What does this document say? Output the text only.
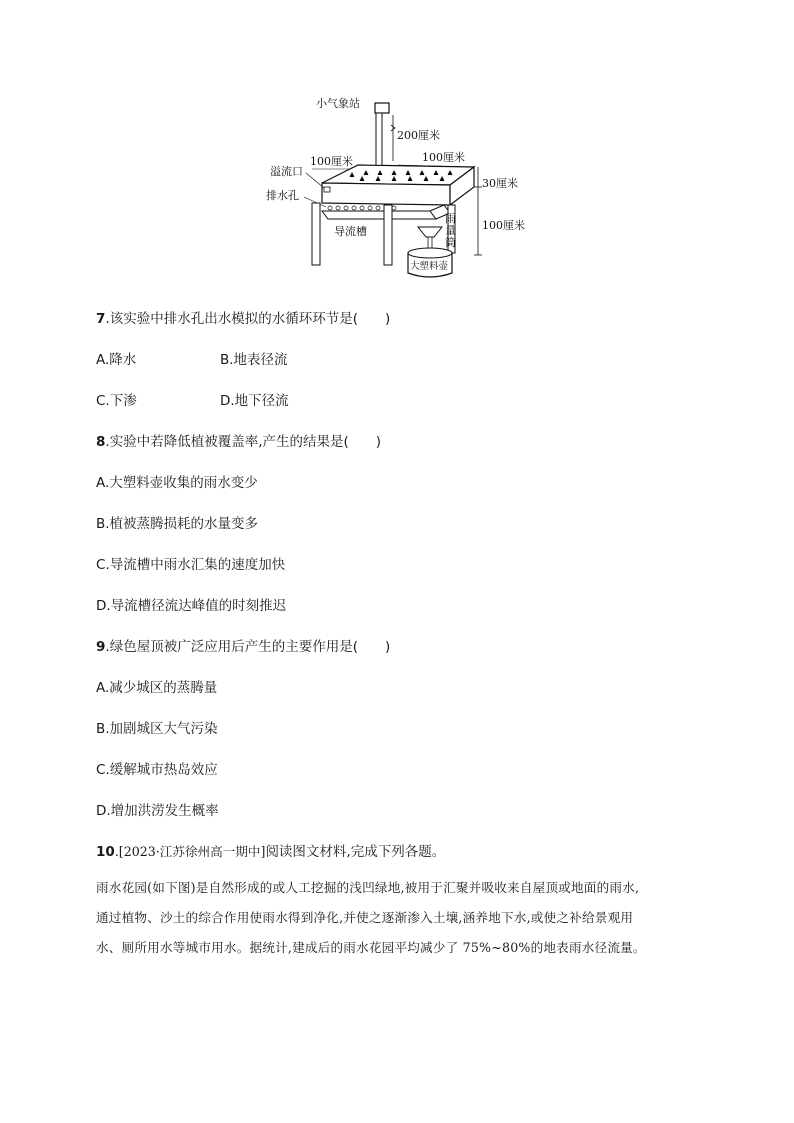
200厘米
小气象站
100厘米	100厘米
溢流口
排水孔
导流槽
雨
量
筒
大塑料壶
30厘米
100厘米
7.该实验中排水孔出水模拟的水循环环节是(　　)
A.降水	B.地表径流
C.下渗	D.地下径流
8.实验中若降低植被覆盖率,产生的结果是(　　)
A.大塑料壶收集的雨水变少
B.植被蒸腾损耗的水量变多
C.导流槽中雨水汇集的速度加快
D.导流槽径流达峰值的时刻推迟
9.绿色屋顶被广泛应用后产生的主要作用是(　　)
A.减少城区的蒸腾量
B.加剧城区大气污染
C.缓解城市热岛效应
D.增加洪涝发生概率
10.[2023·江苏徐州高一期中]阅读图文材料,完成下列各题。
雨水花园(如下图)是自然形成的或人工挖掘的浅凹绿地,被用于汇聚并吸收来自屋顶或地面的雨水,
通过植物、沙土的综合作用使雨水得到净化,并使之逐渐渗入土壤,涵养地下水,或使之补给景观用
水、厕所用水等城市用水。据统计,建成后的雨水花园平均减少了 75%~80%的地表雨水径流量。
